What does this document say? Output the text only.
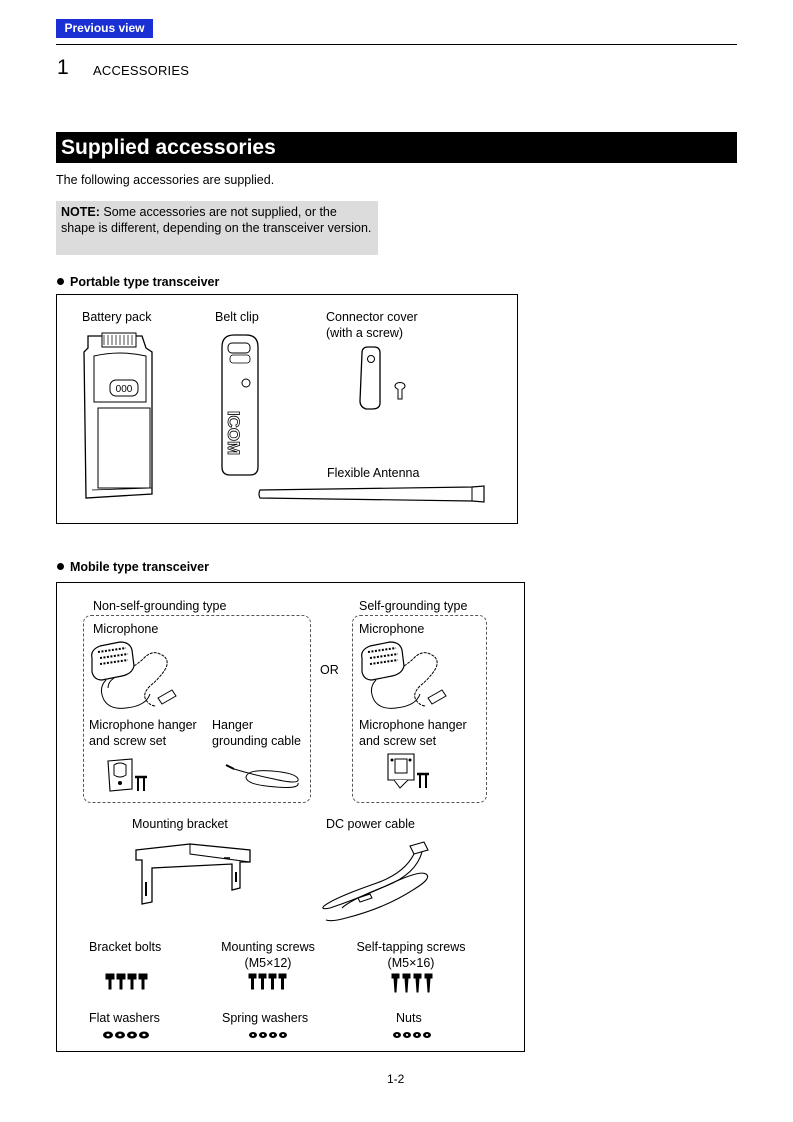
Previous view
1 ACCESSORIES
Supplied accessories
The following accessories are supplied.
NOTE: Some accessories are not supplied, or the shape is different, depending on the transceiver version.
Portable type transceiver
Battery pack	Belt clip	Connector cover
(with a screw)
Flexible Antenna
000
ICOM
Mobile type transceiver
Non-self-grounding type	Self-grounding type
Microphone	Microphone
OR
Microphone hanger
and screw set
Hanger
grounding cable
Microphone hanger
and screw set
Mounting bracket	DC power cable
Bracket bolts	Mounting screws
(M5×12)
Self-tapping screws
(M5×16)
Flat washers	Spring washers	Nuts
1-2
